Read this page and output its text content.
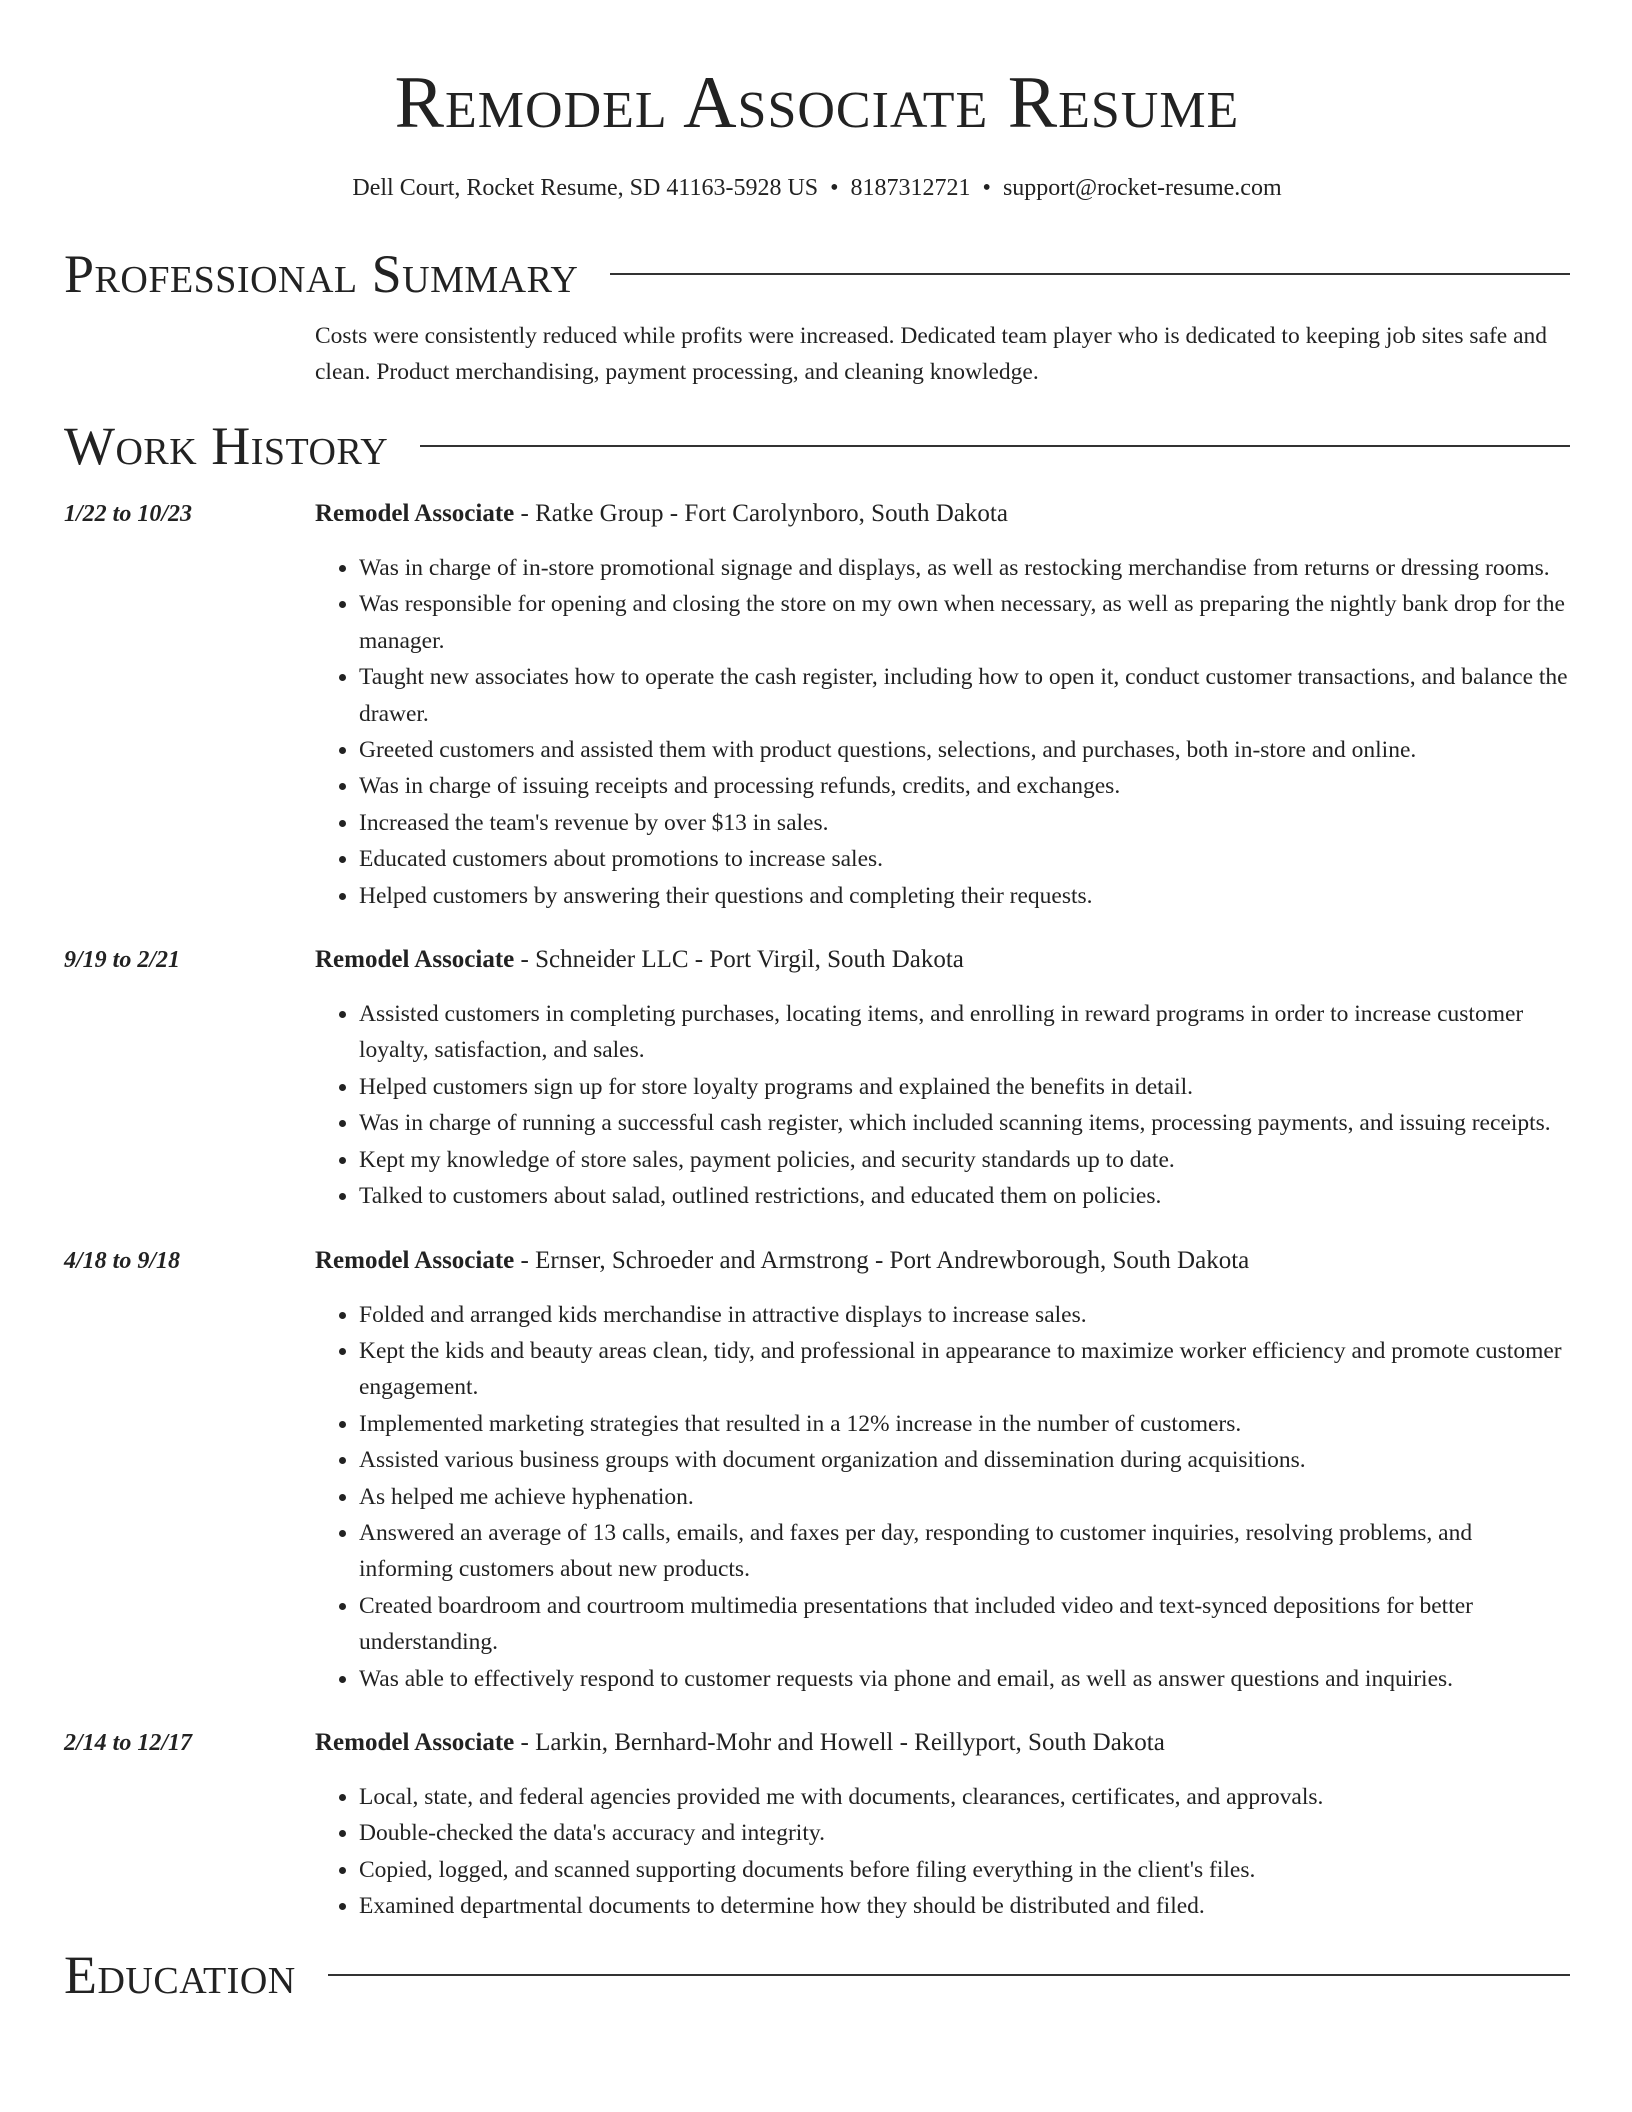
Remodel Associate Resume
Dell Court, Rocket Resume, SD 41163-5928 US • 8187312721 • support@rocket-resume.com
Professional Summary
Costs were consistently reduced while profits were increased. Dedicated team player who is dedicated to keeping job sites safe and clean. Product merchandising, payment processing, and cleaning knowledge.
Work History
1/22 to 10/23	Remodel Associate - Ratke Group - Fort Carolynboro, South Dakota
• Was in charge of in-store promotional signage and displays, as well as restocking merchandise from returns or dressing rooms.
• Was responsible for opening and closing the store on my own when necessary, as well as preparing the nightly bank drop for the manager.
• Taught new associates how to operate the cash register, including how to open it, conduct customer transactions, and balance the drawer.
• Greeted customers and assisted them with product questions, selections, and purchases, both in-store and online.
• Was in charge of issuing receipts and processing refunds, credits, and exchanges.
• Increased the team's revenue by over $13 in sales.
• Educated customers about promotions to increase sales.
• Helped customers by answering their questions and completing their requests.
9/19 to 2/21	Remodel Associate - Schneider LLC - Port Virgil, South Dakota
• Assisted customers in completing purchases, locating items, and enrolling in reward programs in order to increase customer loyalty, satisfaction, and sales.
• Helped customers sign up for store loyalty programs and explained the benefits in detail.
• Was in charge of running a successful cash register, which included scanning items, processing payments, and issuing receipts.
• Kept my knowledge of store sales, payment policies, and security standards up to date.
• Talked to customers about salad, outlined restrictions, and educated them on policies.
4/18 to 9/18	Remodel Associate - Ernser, Schroeder and Armstrong - Port Andrewborough, South Dakota
• Folded and arranged kids merchandise in attractive displays to increase sales.
• Kept the kids and beauty areas clean, tidy, and professional in appearance to maximize worker efficiency and promote customer engagement.
• Implemented marketing strategies that resulted in a 12% increase in the number of customers.
• Assisted various business groups with document organization and dissemination during acquisitions.
• As helped me achieve hyphenation.
• Answered an average of 13 calls, emails, and faxes per day, responding to customer inquiries, resolving problems, and informing customers about new products.
• Created boardroom and courtroom multimedia presentations that included video and text-synced depositions for better understanding.
• Was able to effectively respond to customer requests via phone and email, as well as answer questions and inquiries.
2/14 to 12/17	Remodel Associate - Larkin, Bernhard-Mohr and Howell - Reillyport, South Dakota
• Local, state, and federal agencies provided me with documents, clearances, certificates, and approvals.
• Double-checked the data's accuracy and integrity.
• Copied, logged, and scanned supporting documents before filing everything in the client's files.
• Examined departmental documents to determine how they should be distributed and filed.
Education
